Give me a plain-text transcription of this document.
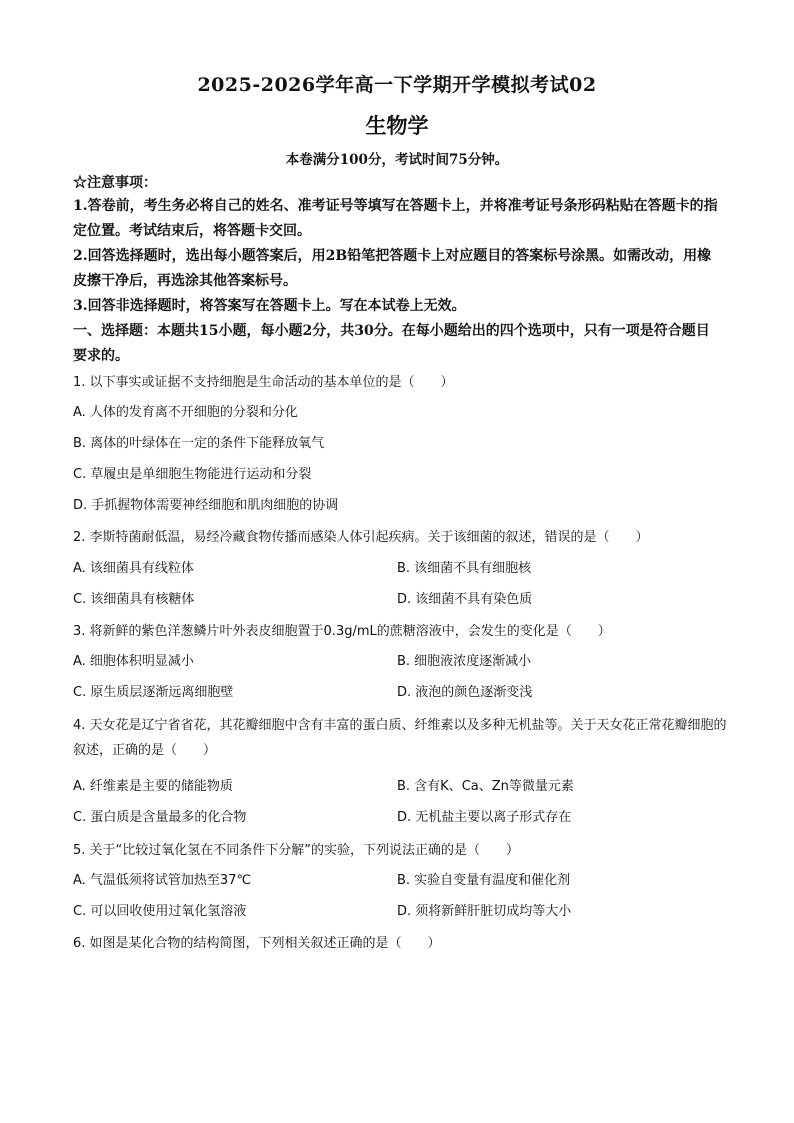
2025-2026学年高一下学期开学模拟考试02
生物学
本卷满分100分，考试时间75分钟。
☆注意事项：
1.答卷前，考生务必将自己的姓名、准考证号等填写在答题卡上，并将准考证号条形码粘贴在答题卡的指定位置。考试结束后，将答题卡交回。
2.回答选择题时，选出每小题答案后，用2B铅笔把答题卡上对应题目的答案标号涂黑。如需改动，用橡皮擦干净后，再选涂其他答案标号。
3.回答非选择题时，将答案写在答题卡上。写在本试卷上无效。
一、选择题：本题共15小题，每小题2分，共30分。在每小题给出的四个选项中，只有一项是符合题目要求的。
1. 以下事实或证据不支持细胞是生命活动的基本单位的是（　　）
A. 人体的发育离不开细胞的分裂和分化
B. 离体的叶绿体在一定的条件下能释放氧气
C. 草履虫是单细胞生物能进行运动和分裂
D. 手抓握物体需要神经细胞和肌肉细胞的协调
2. 李斯特菌耐低温，易经冷藏食物传播而感染人体引起疾病。关于该细菌的叙述，错误的是（　　）
A. 该细菌具有线粒体	B. 该细菌不具有细胞核
C. 该细菌具有核糖体	D. 该细菌不具有染色质
3. 将新鲜的紫色洋葱鳞片叶外表皮细胞置于0.3g/mL的蔗糖溶液中，会发生的变化是（　　）
A. 细胞体积明显减小	B. 细胞液浓度逐渐减小
C. 原生质层逐渐远离细胞壁	D. 液泡的颜色逐渐变浅
4. 天女花是辽宁省省花，其花瓣细胞中含有丰富的蛋白质、纤维素以及多种无机盐等。关于天女花正常花瓣细胞的叙述，正确的是（　　）
A. 纤维素是主要的储能物质	B. 含有K、Ca、Zn等微量元素
C. 蛋白质是含量最多的化合物	D. 无机盐主要以离子形式存在
5. 关于“比较过氧化氢在不同条件下分解”的实验，下列说法正确的是（　　）
A. 气温低须将试管加热至37℃	B. 实验自变量有温度和催化剂
C. 可以回收使用过氧化氢溶液	D. 须将新鲜肝脏切成均等大小
6. 如图是某化合物的结构简图，下列相关叙述正确的是（　　）
